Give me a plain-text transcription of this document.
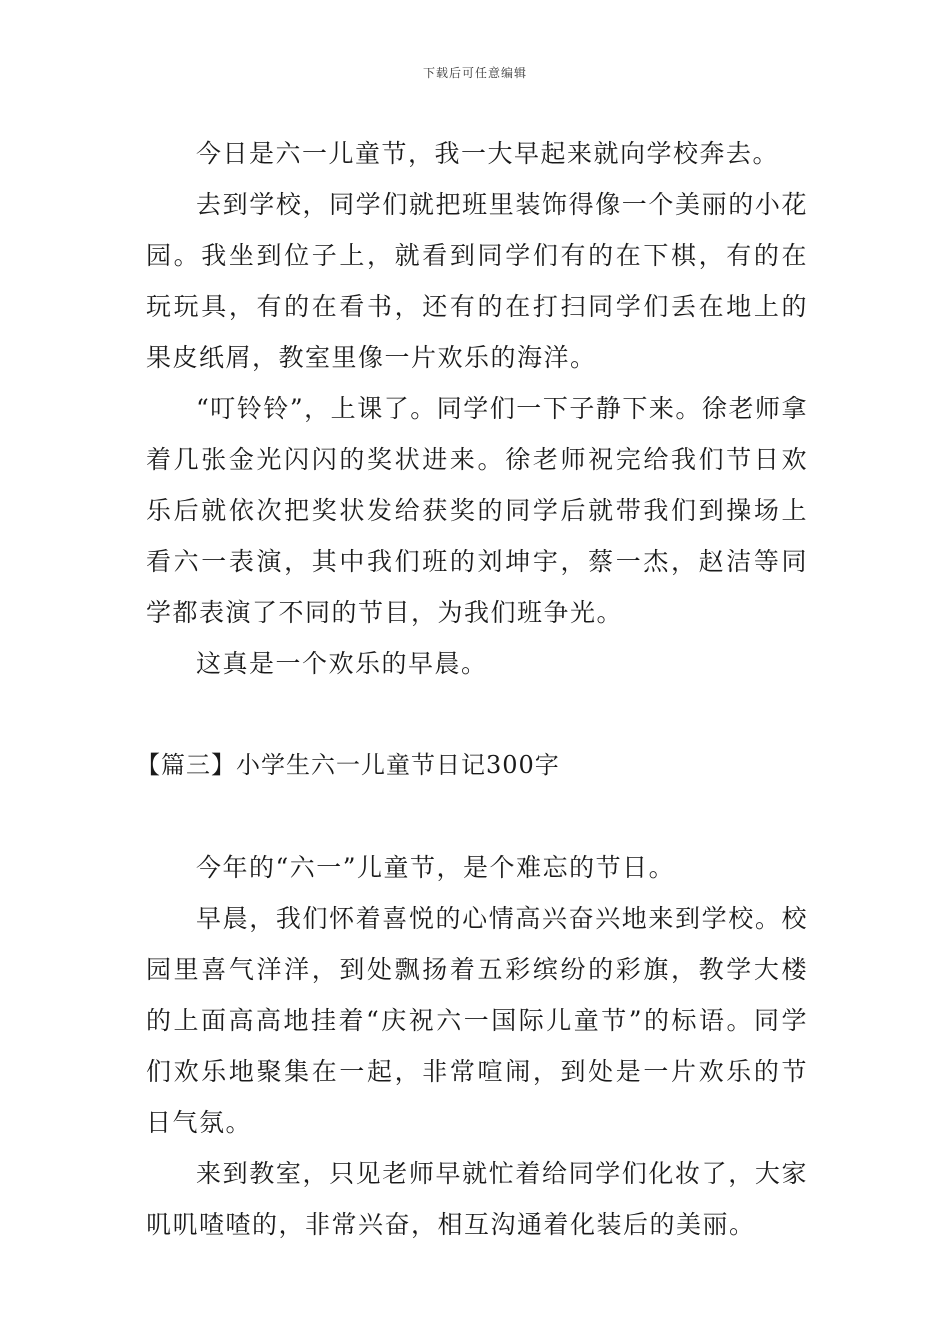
下载后可任意编辑

今日是六一儿童节，我一大早起来就向学校奔去。

去到学校，同学们就把班里装饰得像一个美丽的小花园。我坐到位子上，就看到同学们有的在下棋，有的在玩玩具，有的在看书，还有的在打扫同学们丢在地上的果皮纸屑，教室里像一片欢乐的海洋。

“叮铃铃”，上课了。同学们一下子静下来。徐老师拿着几张金光闪闪的奖状进来。徐老师祝完给我们节日欢乐后就依次把奖状发给获奖的同学后就带我们到操场上看六一表演，其中我们班的刘坤宇，蔡一杰，赵洁等同学都表演了不同的节目，为我们班争光。

这真是一个欢乐的早晨。

【篇三】小学生六一儿童节日记300字

今年的“六一”儿童节，是个难忘的节日。

早晨，我们怀着喜悦的心情高兴奋兴地来到学校。校园里喜气洋洋，到处飘扬着五彩缤纷的彩旗，教学大楼的上面高高地挂着“庆祝六一国际儿童节”的标语。同学们欢乐地聚集在一起，非常喧闹，到处是一片欢乐的节日气氛。

来到教室，只见老师早就忙着给同学们化妆了，大家叽叽喳喳的，非常兴奋，相互沟通着化装后的美丽。
